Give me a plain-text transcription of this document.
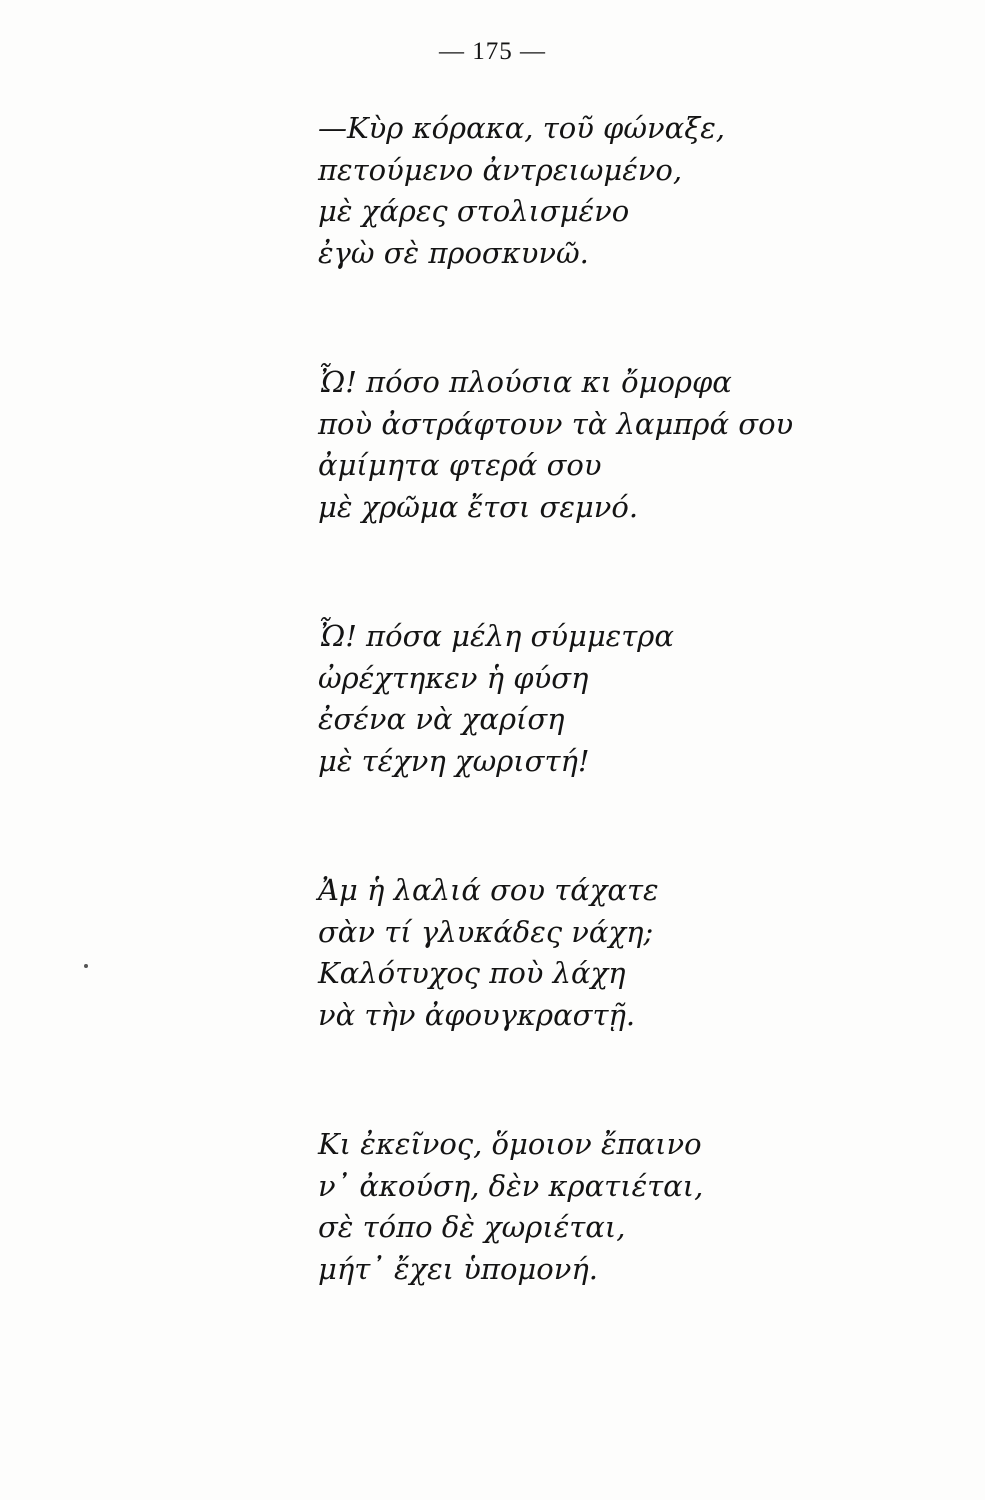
— 175 —
—Κὺρ κόρακα, τοῦ φώναξε,
πετούμενο ἀντρειωμένο,
μὲ χάρες στολισμένο
ἐγὼ σὲ προσκυνῶ.
Ὦ! πόσο πλούσια κι ὄμορφα
ποὺ ἀστράφτουν τὰ λαμπρά σου
ἀμίμητα φτερά σου
μὲ χρῶμα ἔτσι σεμνό.
Ὦ! πόσα μέλη σύμμετρα
ὠρέχτηκεν ἡ φύση
ἐσένα νὰ χαρίση
μὲ τέχνη χωριστή!
Ἀμ ἡ λαλιά σου τάχατε
σὰν τί γλυκάδες νάχη;
Καλότυχος ποὺ λάχη
νὰ τὴν ἀφουγκραστῇ.
Κι ἐκεῖνος, ὅμοιον ἔπαινο
ν᾽ ἀκούση, δὲν κρατιέται,
σὲ τόπο δὲ χωριέται,
μήτ᾽ ἔχει ὑπομονή.
